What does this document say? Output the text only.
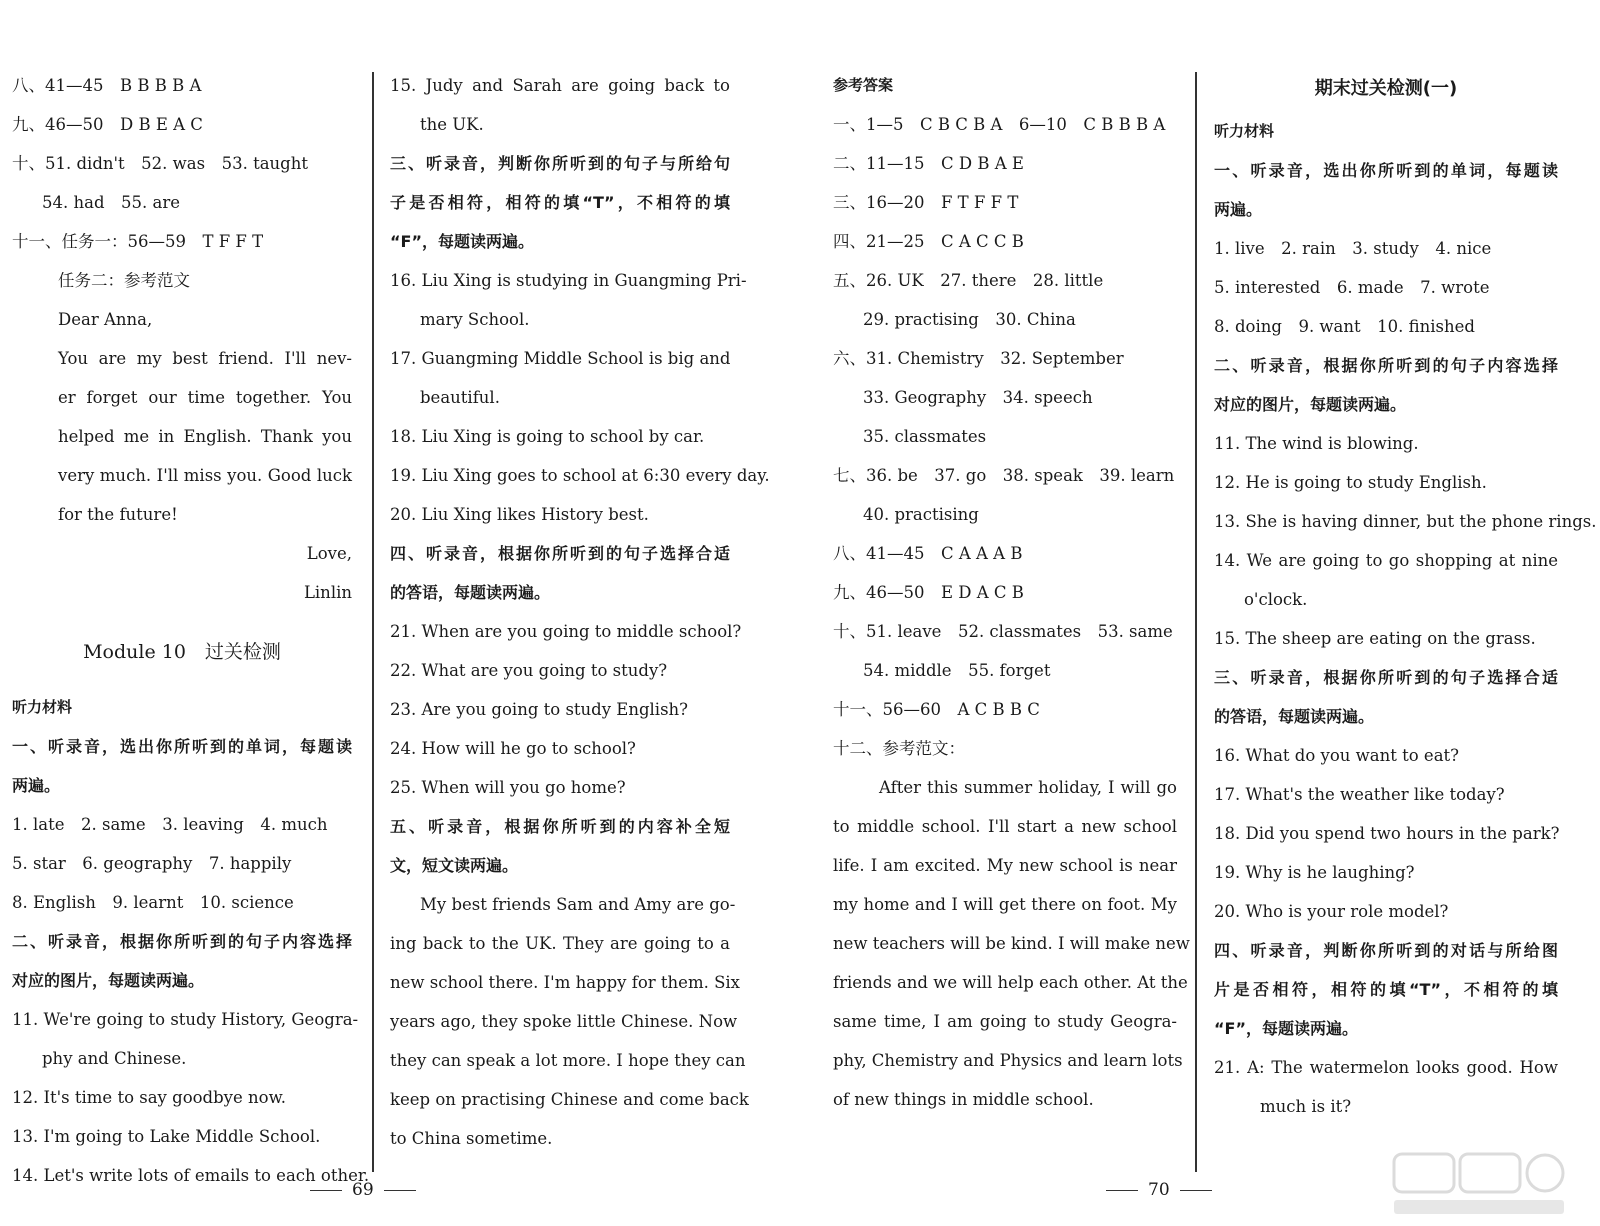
八、41—45　B B B B A
九、46—50　D B E A C
十、51. didn't　52. was　53. taught
54. had　55. are
十一、任务一：56—59　T F F T
任务二：参考范文
Dear Anna,
You are my best friend. I'll nev-
er forget our time together. You
helped me in English. Thank you
very much. I'll miss you. Good luck
for the future!
Love,
Linlin
Module 10　过关检测
听力材料
一、听录音，选出你所听到的单词，每题读
两遍。
1. late　2. same　3. leaving　4. much
5. star　6. geography　7. happily
8. English　9. learnt　10. science
二、听录音，根据你所听到的句子内容选择
对应的图片，每题读两遍。
11. We're going to study History, Geogra-
phy and Chinese.
12. It's time to say goodbye now.
13. I'm going to Lake Middle School.
14. Let's write lots of emails to each other.
15. Judy and Sarah are going back to
the UK.
三、听录音，判断你所听到的句子与所给句
子是否相符，相符的填“T”，不相符的填
“F”，每题读两遍。
16. Liu Xing is studying in Guangming Pri-
mary School.
17. Guangming Middle School is big and
beautiful.
18. Liu Xing is going to school by car.
19. Liu Xing goes to school at 6:30 every day.
20. Liu Xing likes History best.
四、听录音，根据你所听到的句子选择合适
的答语，每题读两遍。
21. When are you going to middle school?
22. What are you going to study?
23. Are you going to study English?
24. How will he go to school?
25. When will you go home?
五、听录音，根据你所听到的内容补全短
文，短文读两遍。
My best friends Sam and Amy are go-
ing back to the UK. They are going to a
new school there. I'm happy for them. Six
years ago, they spoke little Chinese. Now
they can speak a lot more. I hope they can
keep on practising Chinese and come back
to China sometime.
69
参考答案
一、1—5　C B C B A　6—10　C B B B A
二、11—15　C D B A E
三、16—20　F T F F T
四、21—25　C A C C B
五、26. UK　27. there　28. little
29. practising　30. China
六、31. Chemistry　32. September
33. Geography　34. speech
35. classmates
七、36. be　37. go　38. speak　39. learn
40. practising
八、41—45　C A A A B
九、46—50　E D A C B
十、51. leave　52. classmates　53. same
54. middle　55. forget
十一、56—60　A C B B C
十二、参考范文：
After this summer holiday, I will go
to middle school. I'll start a new school
life. I am excited. My new school is near
my home and I will get there on foot. My
new teachers will be kind. I will make new
friends and we will help each other. At the
same time, I am going to study Geogra-
phy, Chemistry and Physics and learn lots
of new things in middle school.
期末过关检测(一)
听力材料
一、听录音，选出你所听到的单词，每题读
两遍。
1. live　2. rain　3. study　4. nice
5. interested　6. made　7. wrote
8. doing　9. want　10. finished
二、听录音，根据你所听到的句子内容选择
对应的图片，每题读两遍。
11. The wind is blowing.
12. He is going to study English.
13. She is having dinner, but the phone rings.
14. We are going to go shopping at nine
o'clock.
15. The sheep are eating on the grass.
三、听录音，根据你所听到的句子选择合适
的答语，每题读两遍。
16. What do you want to eat?
17. What's the weather like today?
18. Did you spend two hours in the park?
19. Why is he laughing?
20. Who is your role model?
四、听录音，判断你所听到的对话与所给图
片是否相符，相符的填“T”，不相符的填
“F”，每题读两遍。
21. A: The watermelon looks good. How
much is it?
70
